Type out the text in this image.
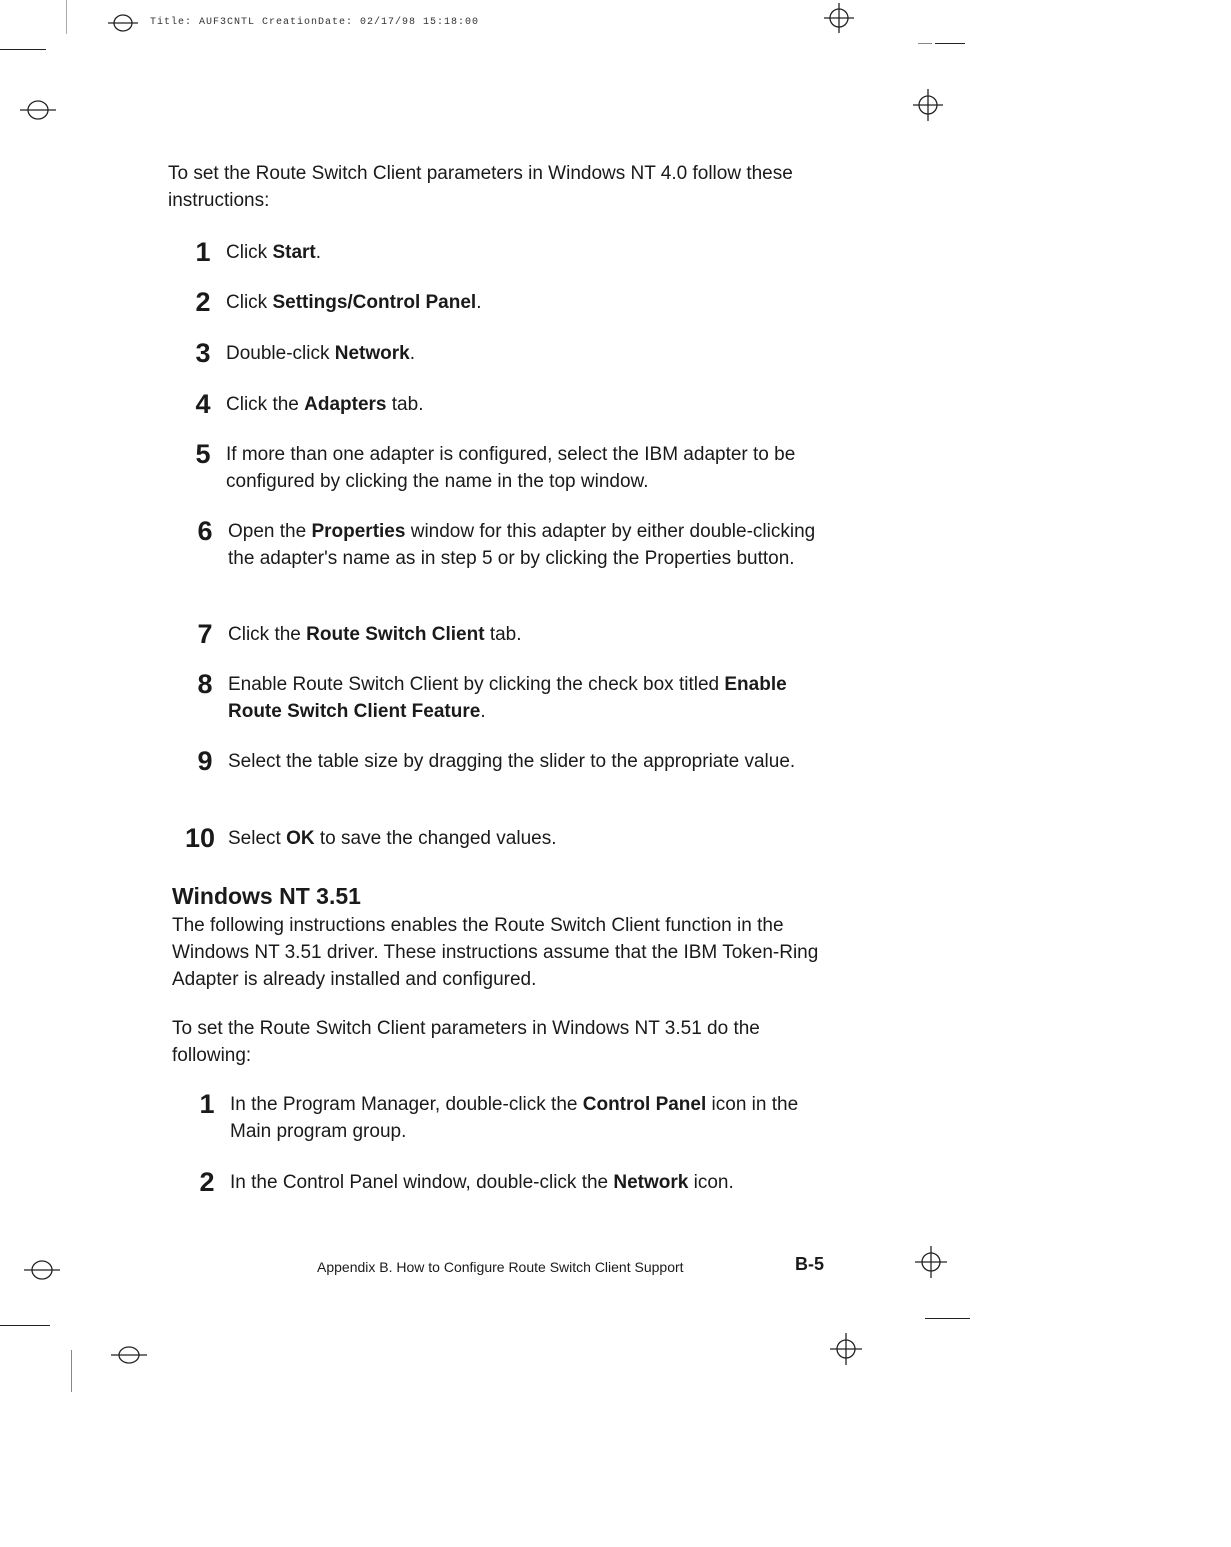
Title: AUF3CNTL CreationDate: 02/17/98 15:18:00

To set the Route Switch Client parameters in Windows NT 4.0 follow these instructions:

1 Click Start.
2 Click Settings/Control Panel.
3 Double-click Network.
4 Click the Adapters tab.
5 If more than one adapter is configured, select the IBM adapter to be configured by clicking the name in the top window.
6 Open the Properties window for this adapter by either double-clicking the adapter's name as in step 5 or by clicking the Properties button.
7 Click the Route Switch Client tab.
8 Enable Route Switch Client by clicking the check box titled Enable Route Switch Client Feature.
9 Select the table size by dragging the slider to the appropriate value.
10 Select OK to save the changed values.
Windows NT 3.51

The following instructions enables the Route Switch Client function in the Windows NT 3.51 driver. These instructions assume that the IBM Token-Ring Adapter is already installed and configured.

To set the Route Switch Client parameters in Windows NT 3.51 do the following:

1 In the Program Manager, double-click the Control Panel icon in the Main program group.
2 In the Control Panel window, double-click the Network icon.
Appendix B. How to Configure Route Switch Client Support	B-5
